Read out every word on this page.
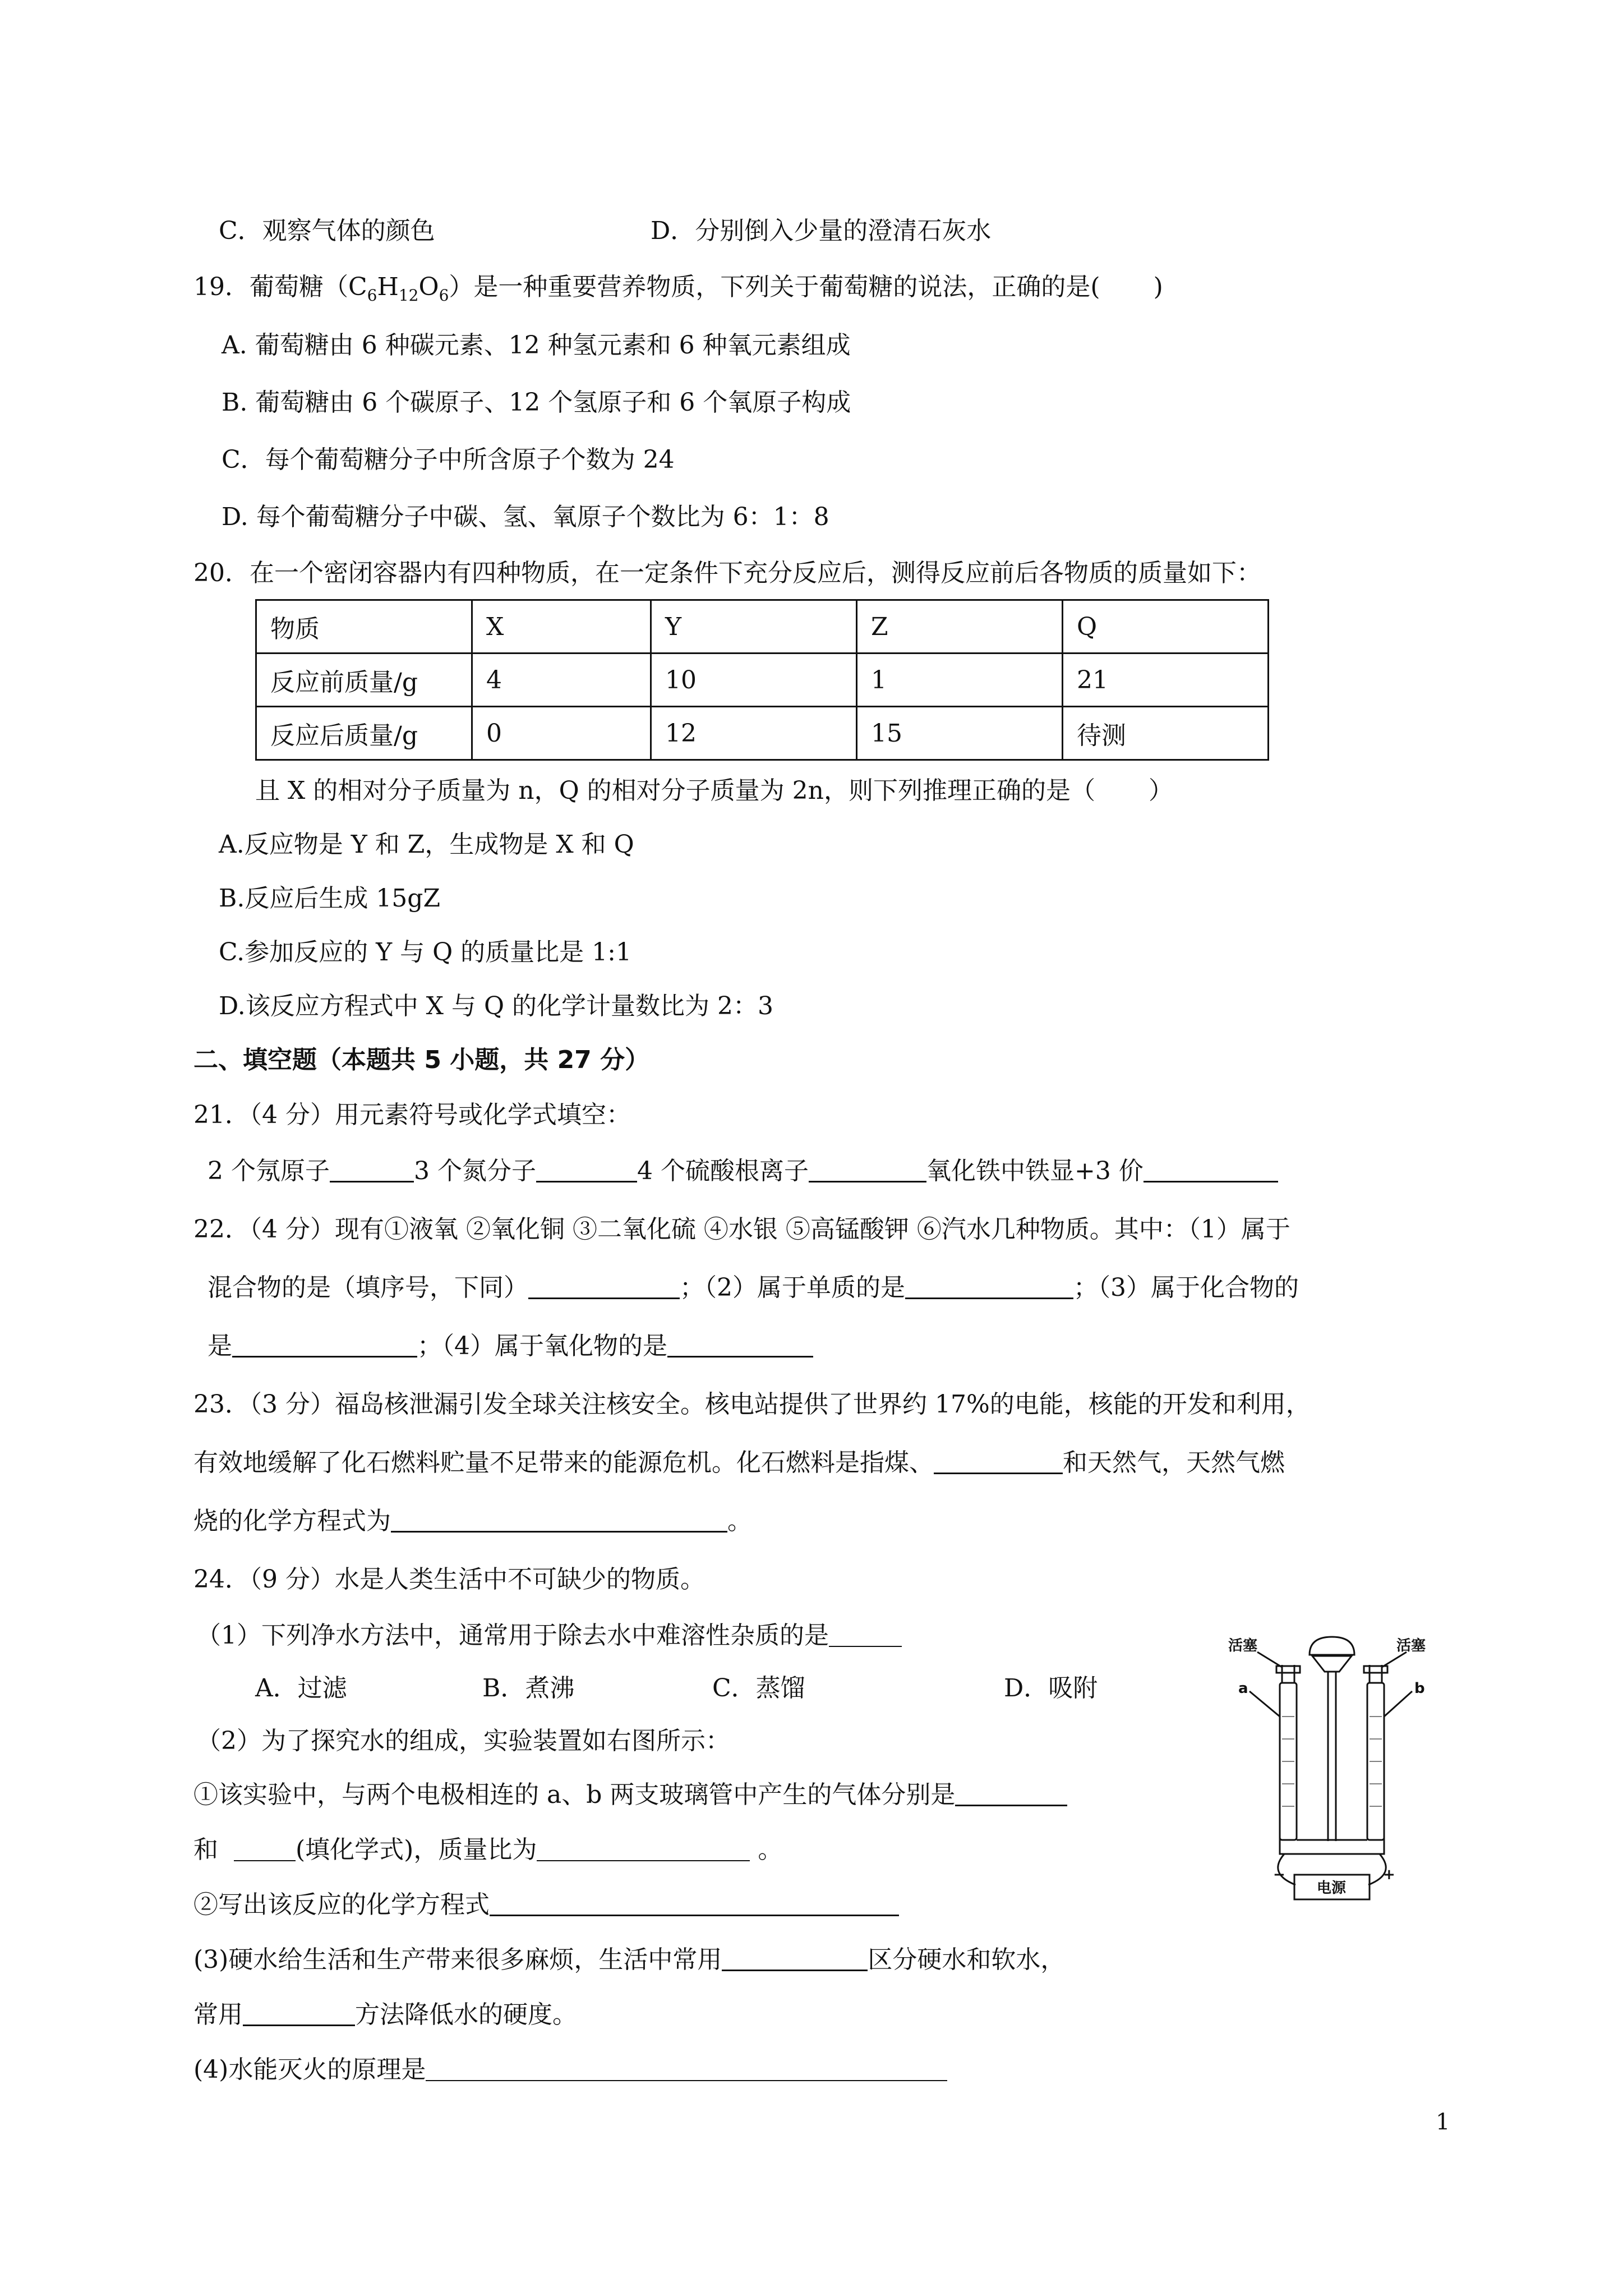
C．观察气体的颜色	D．分别倒入少量的澄清石灰水
19．葡萄糖$(C_6H_{12}O_6)$是一种重要营养物质，下列关于葡萄糖的说法，正确的是( )
A. 葡萄糖由 6 种碳元素、12 种氢元素和 6 种氧元素组成
B. 葡萄糖由 6 个碳原子、12 个氢原子和 6 个氧原子构成
C．每个葡萄糖分子中所含原子个数为 24
D. 每个葡萄糖分子中碳、氢、氧原子个数比为 6：1：8
20．在一个密闭容器内有四种物质，在一定条件下充分反应后，测得反应前后各物质的质量如下：
物质	X	Y	Z	Q
反应前质量/g	4	10	1	21
反应后质量/g	0	12	15	待测
且 X 的相对分子质量为 n，Q 的相对分子质量为 2n，则下列推理正确的是（ ）
A.反应物是 Y 和 Z，生成物是 X 和 Q
B.反应后生成 15gZ
C.参加反应的 Y 与 Q 的质量比是 1:1
D.该反应方程式中 X 与 Q 的化学计量数比为 2：3
二、填空题（本题共 5 小题，共 27 分）
21．（4 分）用元素符号或化学式填空：
2 个氖原子	3 个氮分子	4 个硫酸根离子	氧化铁中铁显+3 价
22．（4 分）现有①液氧 ②氧化铜 ③二氧化硫 ④水银 ⑤高锰酸钾 ⑥汽水几种物质。其中：（1）属于
混合物的是（填序号，下同）	；（2）属于单质的是	；（3）属于化合物的
是	；（4）属于氧化物的是
23．（3 分）福岛核泄漏引发全球关注核安全。核电站提供了世界约 17%的电能，核能的开发和利用，
有效地缓解了化石燃料贮量不足带来的能源危机。化石燃料是指煤、	和天然气，天然气燃
烧的化学方程式为	。
24．（9 分）水是人类生活中不可缺少的物质。
（1）下列净水方法中，通常用于除去水中难溶性杂质的是
A．过滤	B．煮沸	C．蒸馏	D．吸附
（2）为了探究水的组成，实验装置如右图所示：
①该实验中，与两个电极相连的 a、b 两支玻璃管中产生的气体分别是
和	(填化学式)，质量比为	。
②写出该反应的化学方程式
(3)硬水给生活和生产带来很多麻烦，生活中常用	区分硬水和软水，
常用	方法降低水的硬度。
(4)水能灭火的原理是
活塞	活塞
a	b
−	+
电源
1
